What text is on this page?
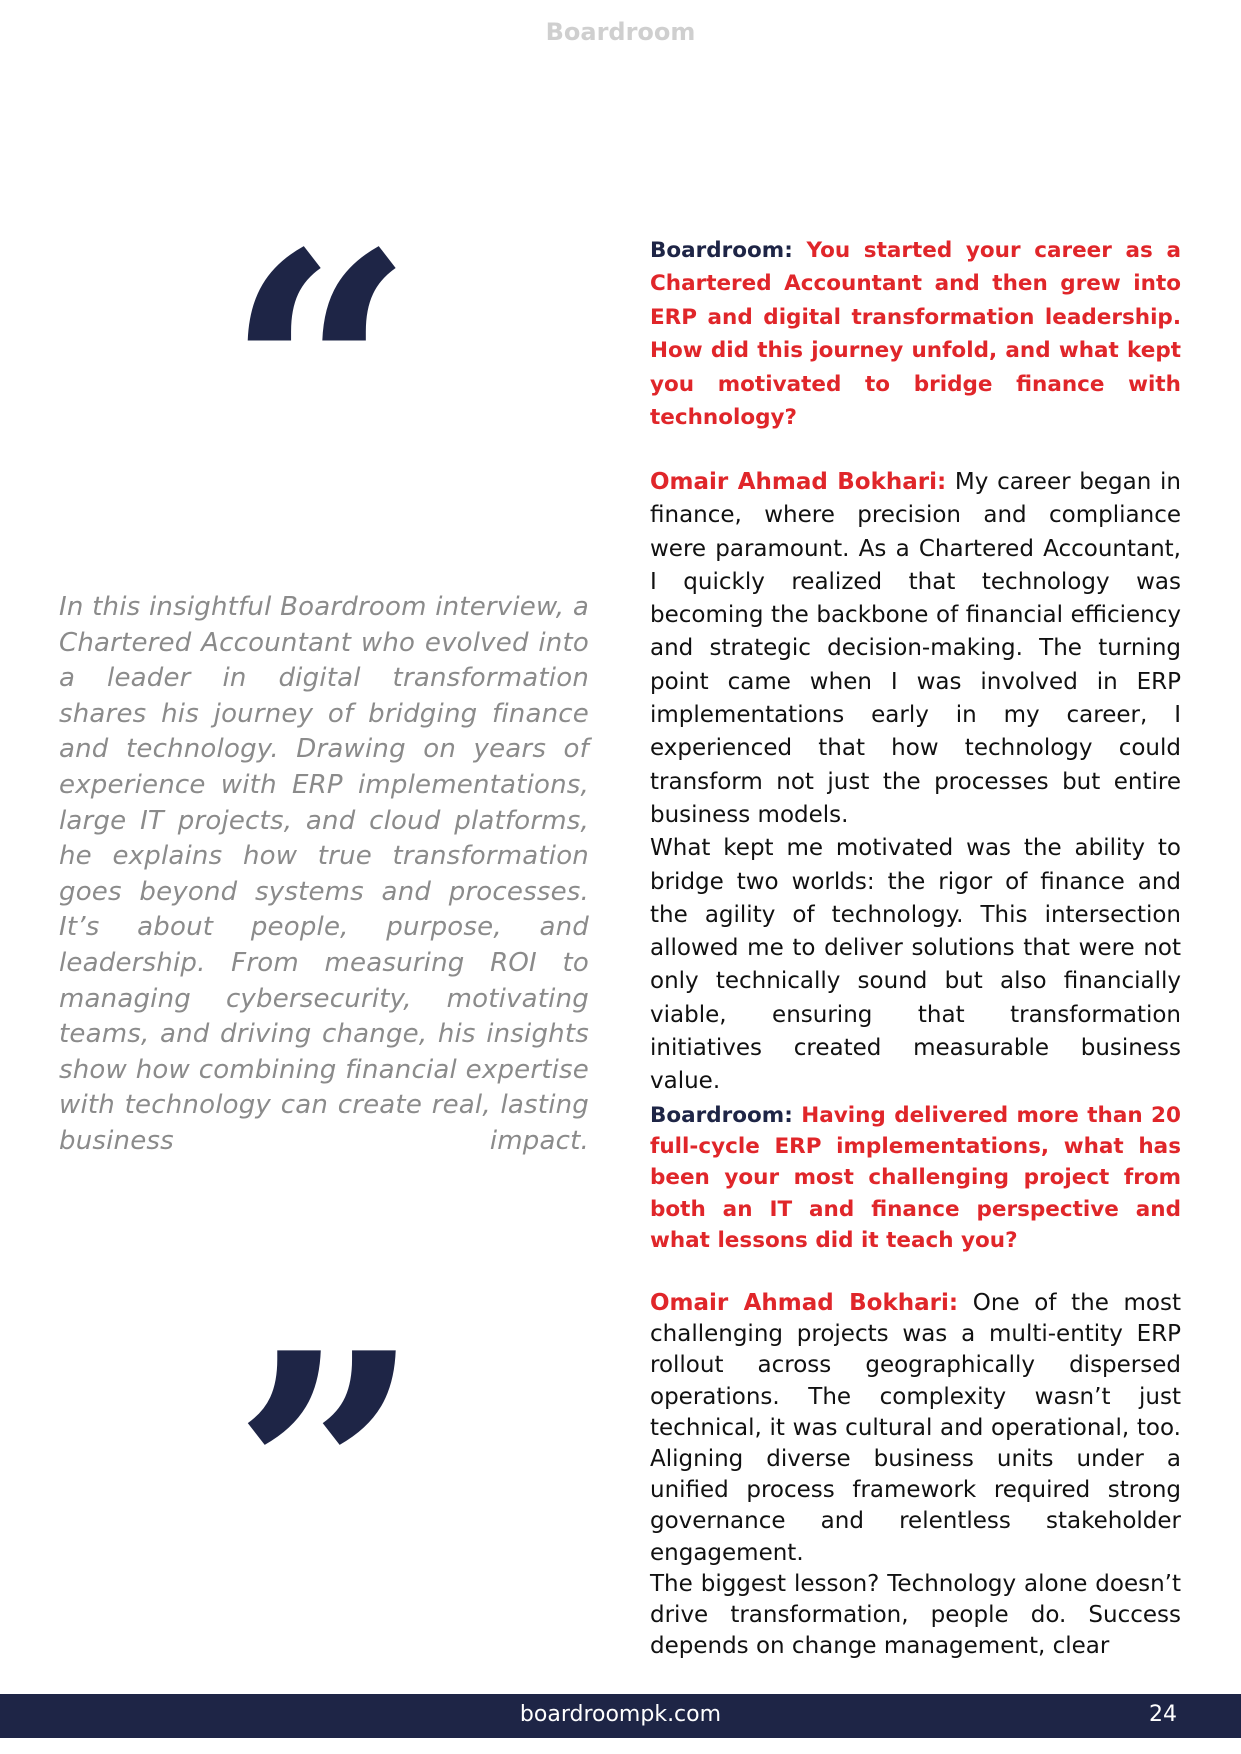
Boardroom
“

In this insightful Boardroom interview, a Chartered Accountant who evolved into a leader in digital transformation shares his journey of bridging finance and technology. Drawing on years of experience with ERP implementations, large IT projects, and cloud platforms, he explains how true transformation goes beyond systems and processes. It’s about people, purpose, and leadership. From measuring ROI to managing cybersecurity, motivating teams, and driving change, his insights show how combining financial expertise with technology can create real, lasting business impact.

”

Boardroom: You started your career as a Chartered Accountant and then grew into ERP and digital transformation leadership. How did this journey unfold, and what kept you motivated to bridge finance with technology?

Omair Ahmad Bokhari: My career began in finance, where precision and compliance were paramount. As a Chartered Accountant, I quickly realized that technology was becoming the backbone of financial efficiency and strategic decision-making. The turning point came when I was involved in ERP implementations early in my career, I experienced that how technology could transform not just the processes but entire business models.
What kept me motivated was the ability to bridge two worlds: the rigor of finance and the agility of technology. This intersection allowed me to deliver solutions that were not only technically sound but also financially viable, ensuring that transformation initiatives created measurable business value.

Boardroom: Having delivered more than 20 full-cycle ERP implementations, what has been your most challenging project from both an IT and finance perspective and what lessons did it teach you?

Omair Ahmad Bokhari: One of the most challenging projects was a multi-entity ERP rollout across geographically dispersed operations. The complexity wasn’t just technical, it was cultural and operational, too. Aligning diverse business units under a unified process framework required strong governance and relentless stakeholder engagement.
The biggest lesson? Technology alone doesn’t drive transformation, people do. Success depends on change management, clear

boardroompk.com	24
